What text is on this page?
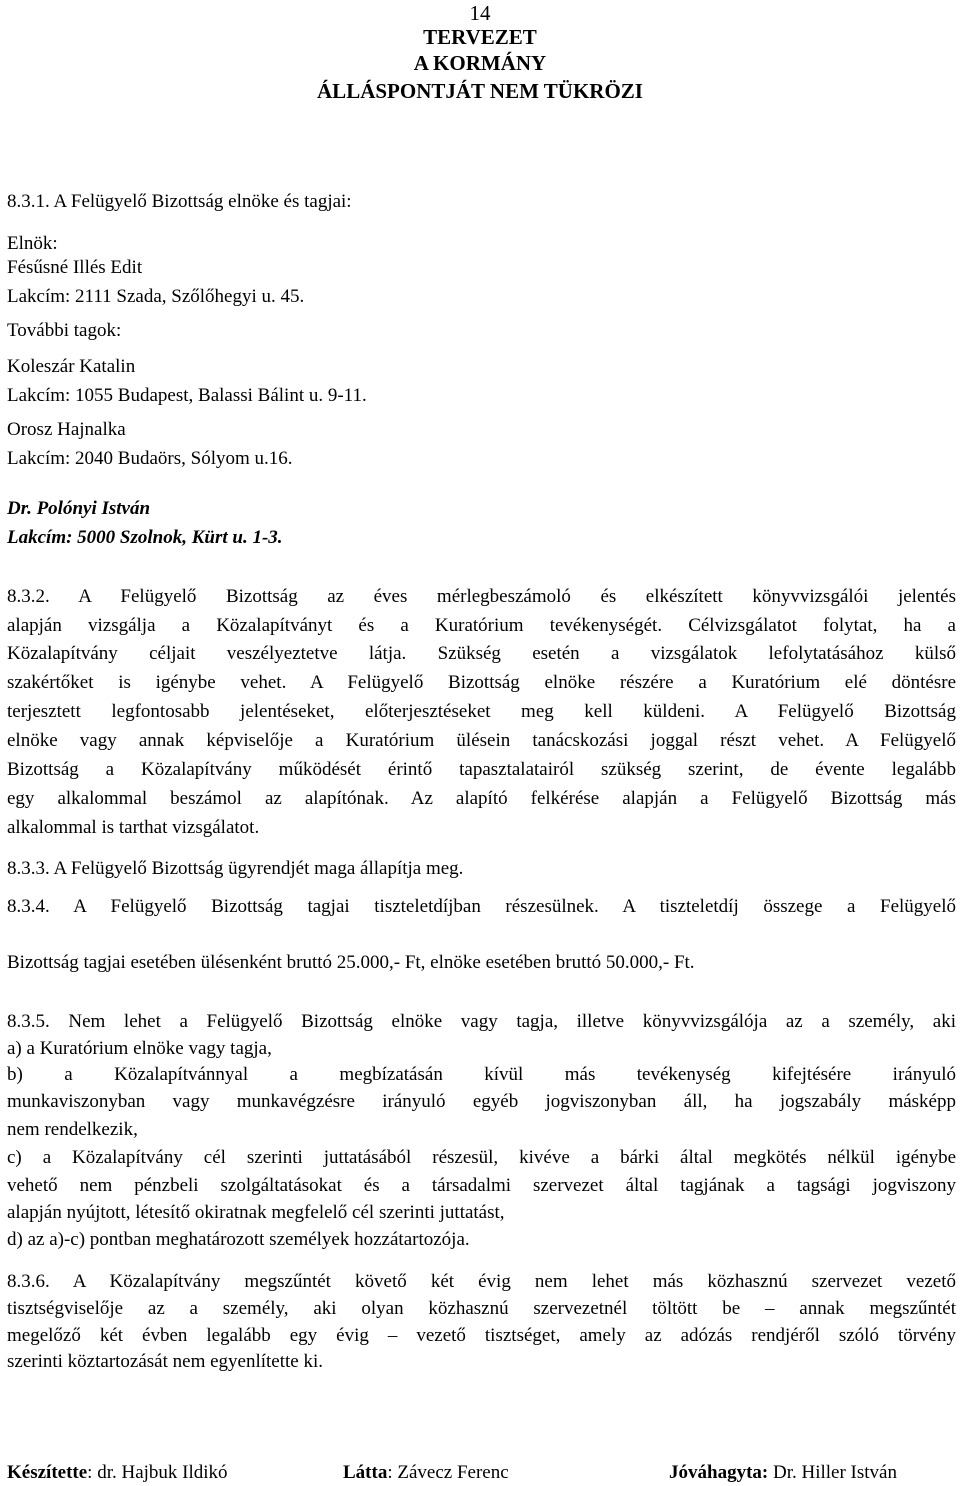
14
TERVEZET
A KORMÁNY
ÁLLÁSPONTJÁT NEM TÜKRÖZI
8.3.1. A Felügyelő Bizottság elnöke és tagjai:
Elnök:
Fésűsné Illés Edit
Lakcím: 2111 Szada, Szőlőhegyi u. 45.
További tagok:
Koleszár Katalin
Lakcím: 1055 Budapest, Balassi Bálint u. 9-11.
Orosz Hajnalka
Lakcím: 2040 Budaörs, Sólyom u.16.
Dr. Polónyi István
Lakcím: 5000 Szolnok, Kürt u. 1-3.
8.3.2. A Felügyelő Bizottság az éves mérlegbeszámoló és elkészített könyvvizsgálói jelentés
alapján vizsgálja a Közalapítványt és a Kuratórium tevékenységét. Célvizsgálatot folytat, ha a
Közalapítvány céljait veszélyeztetve látja. Szükség esetén a vizsgálatok lefolytatásához külső
szakértőket is igénybe vehet. A Felügyelő Bizottság elnöke részére a Kuratórium elé döntésre
terjesztett legfontosabb jelentéseket, előterjesztéseket meg kell küldeni. A Felügyelő Bizottság
elnöke vagy annak képviselője a Kuratórium ülésein tanácskozási joggal részt vehet. A Felügyelő
Bizottság a Közalapítvány működését érintő tapasztalatairól szükség szerint, de évente legalább
egy alkalommal beszámol az alapítónak. Az alapító felkérése alapján a Felügyelő Bizottság más
alkalommal is tarthat vizsgálatot.
8.3.3. A Felügyelő Bizottság ügyrendjét maga állapítja meg.
8.3.4. A Felügyelő Bizottság tagjai tiszteletdíjban részesülnek. A tiszteletdíj összege a Felügyelő
Bizottság tagjai esetében ülésenként bruttó 25.000,- Ft, elnöke esetében bruttó 50.000,- Ft.
8.3.5. Nem lehet a Felügyelő Bizottság elnöke vagy tagja, illetve könyvvizsgálója az a személy, aki
a) a Kuratórium elnöke vagy tagja,
b) a Közalapítvánnyal a megbízatásán kívül más tevékenység kifejtésére irányuló
munkaviszonyban vagy munkavégzésre irányuló egyéb jogviszonyban áll, ha jogszabály másképp
nem rendelkezik,
c) a Közalapítvány cél szerinti juttatásából részesül, kivéve a bárki által megkötés nélkül igénybe
vehető nem pénzbeli szolgáltatásokat és a társadalmi szervezet által tagjának a tagsági jogviszony
alapján nyújtott, létesítő okiratnak megfelelő cél szerinti juttatást,
d) az a)-c) pontban meghatározott személyek hozzátartozója.
8.3.6. A Közalapítvány megszűntét követő két évig nem lehet más közhasznú szervezet vezető
tisztségviselője az a személy, aki olyan közhasznú szervezetnél töltött be – annak megszűntét
megelőző két évben legalább egy évig – vezető tisztséget, amely az adózás rendjéről szóló törvény
szerinti köztartozását nem egyenlítette ki.
Készítette: dr. Hajbuk Ildikó	Látta: Závecz Ferenc	Jóváhagyta: Dr. Hiller István
